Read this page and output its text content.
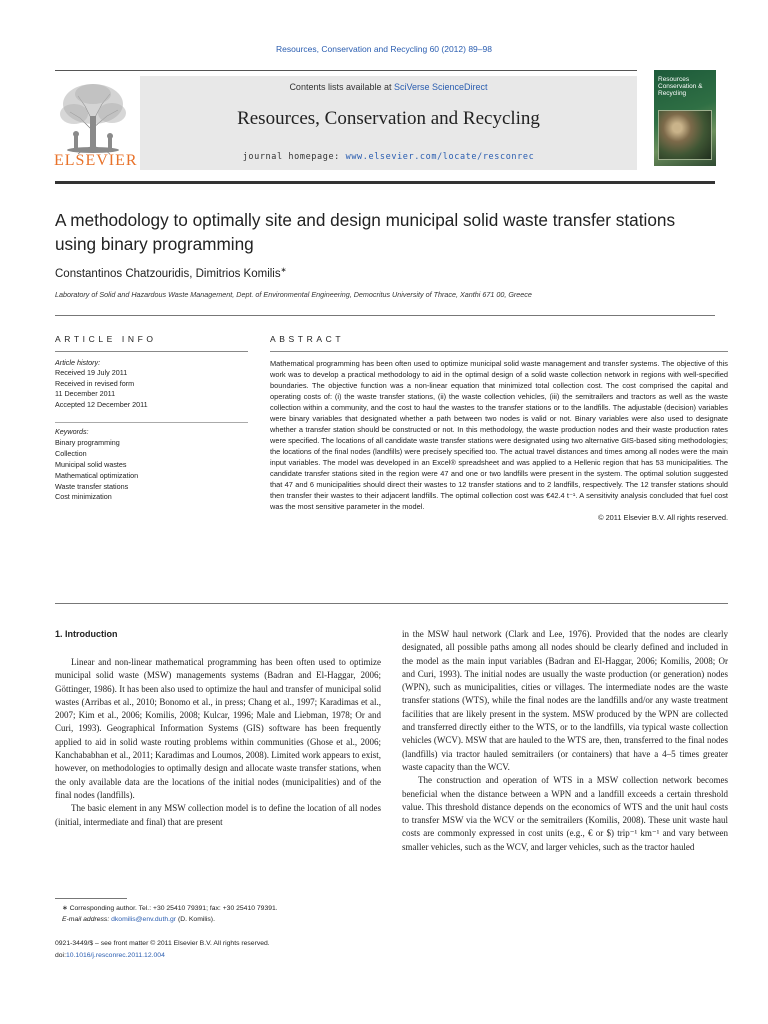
Resources, Conservation and Recycling 60 (2012) 89–98
ELSEVIER
Contents lists available at SciVerse ScienceDirect
Resources, Conservation and Recycling
journal homepage: www.elsevier.com/locate/resconrec
Resources Conservation & Recycling
A methodology to optimally site and design municipal solid waste transfer stations using binary programming
Constantinos Chatzouridis, Dimitrios Komilis∗
Laboratory of Solid and Hazardous Waste Management, Dept. of Environmental Engineering, Democritus University of Thrace, Xanthi 671 00, Greece
ARTICLE INFO	ABSTRACT
Article history:
Received 19 July 2011
Received in revised form
11 December 2011
Accepted 12 December 2011
Keywords:
Binary programming
Collection
Municipal solid wastes
Mathematical optimization
Waste transfer stations
Cost minimization
Mathematical programming has been often used to optimize municipal solid waste management and transfer systems. The objective of this work was to develop a practical methodology to aid in the optimal design of a solid waste collection network in regions with well-specified boundaries. The objective function was a non-linear equation that minimized total collection cost. The cost comprised the capital and operating costs of: (i) the waste transfer stations, (ii) the waste collection vehicles, (iii) the semitrailers and tractors as well as the waste collection within a community, and the cost to haul the wastes to the transfer stations or to the landfills. The adjustable (decision) variables were binary variables that designated whether a path between two nodes is valid or not. Binary variables were also used to designate whether a transfer station should be constructed or not. In this methodology, the waste production nodes and their waste production rates were specified. The locations of all candidate waste transfer stations were designated using two alternative GIS-based siting methodologies; the locations of the final nodes (landfills) were precisely specified too. The actual travel distances and times among all nodes were the main input variables. The model was developed in an Excel® spreadsheet and was applied to a Hellenic region that has 53 municipalities. The candidate transfer stations sited in the region were 47 and one or two landfills were present in the system. The optimal solution suggested that 47 and 6 municipalities should direct their wastes to 12 transfer stations and to 2 landfills, respectively. The 12 transfer stations should then transfer their wastes to their adjacent landfills. The optimal collection cost was €42.4 t⁻¹. A sensitivity analysis concluded that fuel cost was the most sensitive parameter in the model.
© 2011 Elsevier B.V. All rights reserved.
1. Introduction

Linear and non-linear mathematical programming has been often used to optimize municipal solid waste (MSW) managements systems (Badran and El-Haggar, 2006; Göttinger, 1986). It has been also used to optimize the haul and transfer of municipal solid wastes (Arribas et al., 2010; Bonomo et al., in press; Chang et al., 1997; Karadimas et al., 2007; Kim et al., 2006; Komilis, 2008; Kulcar, 1996; Male and Liebman, 1978; Or and Curi, 1993). Geographical Information Systems (GIS) software has been frequently applied to aid in solid waste routing problems within communities (Ghose et al., 2006; Kanchababhan et al., 2011; Karadimas and Loumos, 2008). Limited work appears to exist, however, on methodologies to optimally design and allocate waste transfer stations, when the only available data are the locations of the initial nodes (municipalities) and of the final nodes (landfills).

The basic element in any MSW collection model is to define the location of all nodes (initial, intermediate and final) that are present

in the MSW haul network (Clark and Lee, 1976). Provided that the nodes are clearly designated, all possible paths among all nodes should be clearly defined and included in the model as the main input variables (Badran and El-Haggar, 2006; Komilis, 2008; Or and Curi, 1993). The initial nodes are usually the waste production (or generation) nodes (WPN), such as municipalities, cities or villages. The intermediate nodes are the waste transfer stations (WTS), while the final nodes are the landfills and/or any waste treatment facilities that are likely present in the system. MSW produced by the WPN are collected and transferred directly either to the WTS, or to the landfills, via typical waste collection vehicles (WCV). MSW that are hauled to the WTS are, then, transferred to the final nodes (landfills) via tractor hauled semitrailers (or containers) that have a 4–5 times greater waste capacity than the WCV.

The construction and operation of WTS in a MSW collection network becomes beneficial when the distance between a WPN and a landfill exceeds a certain threshold value. This threshold distance depends on the economics of WTS and the unit haul costs to transfer MSW via the WCV or the semitrailers (Komilis, 2008). These unit waste haul costs are commonly expressed in cost units (e.g., € or $) trip⁻¹ km⁻¹ and vary between smaller vehicles, such as the WCV, and larger vehicles, such as the tractor hauled

∗ Corresponding author. Tel.: +30 25410 79391; fax: +30 25410 79391.
E-mail address: dkomilis@env.duth.gr (D. Komilis).
0921-3449/$ – see front matter © 2011 Elsevier B.V. All rights reserved.
doi:10.1016/j.resconrec.2011.12.004
